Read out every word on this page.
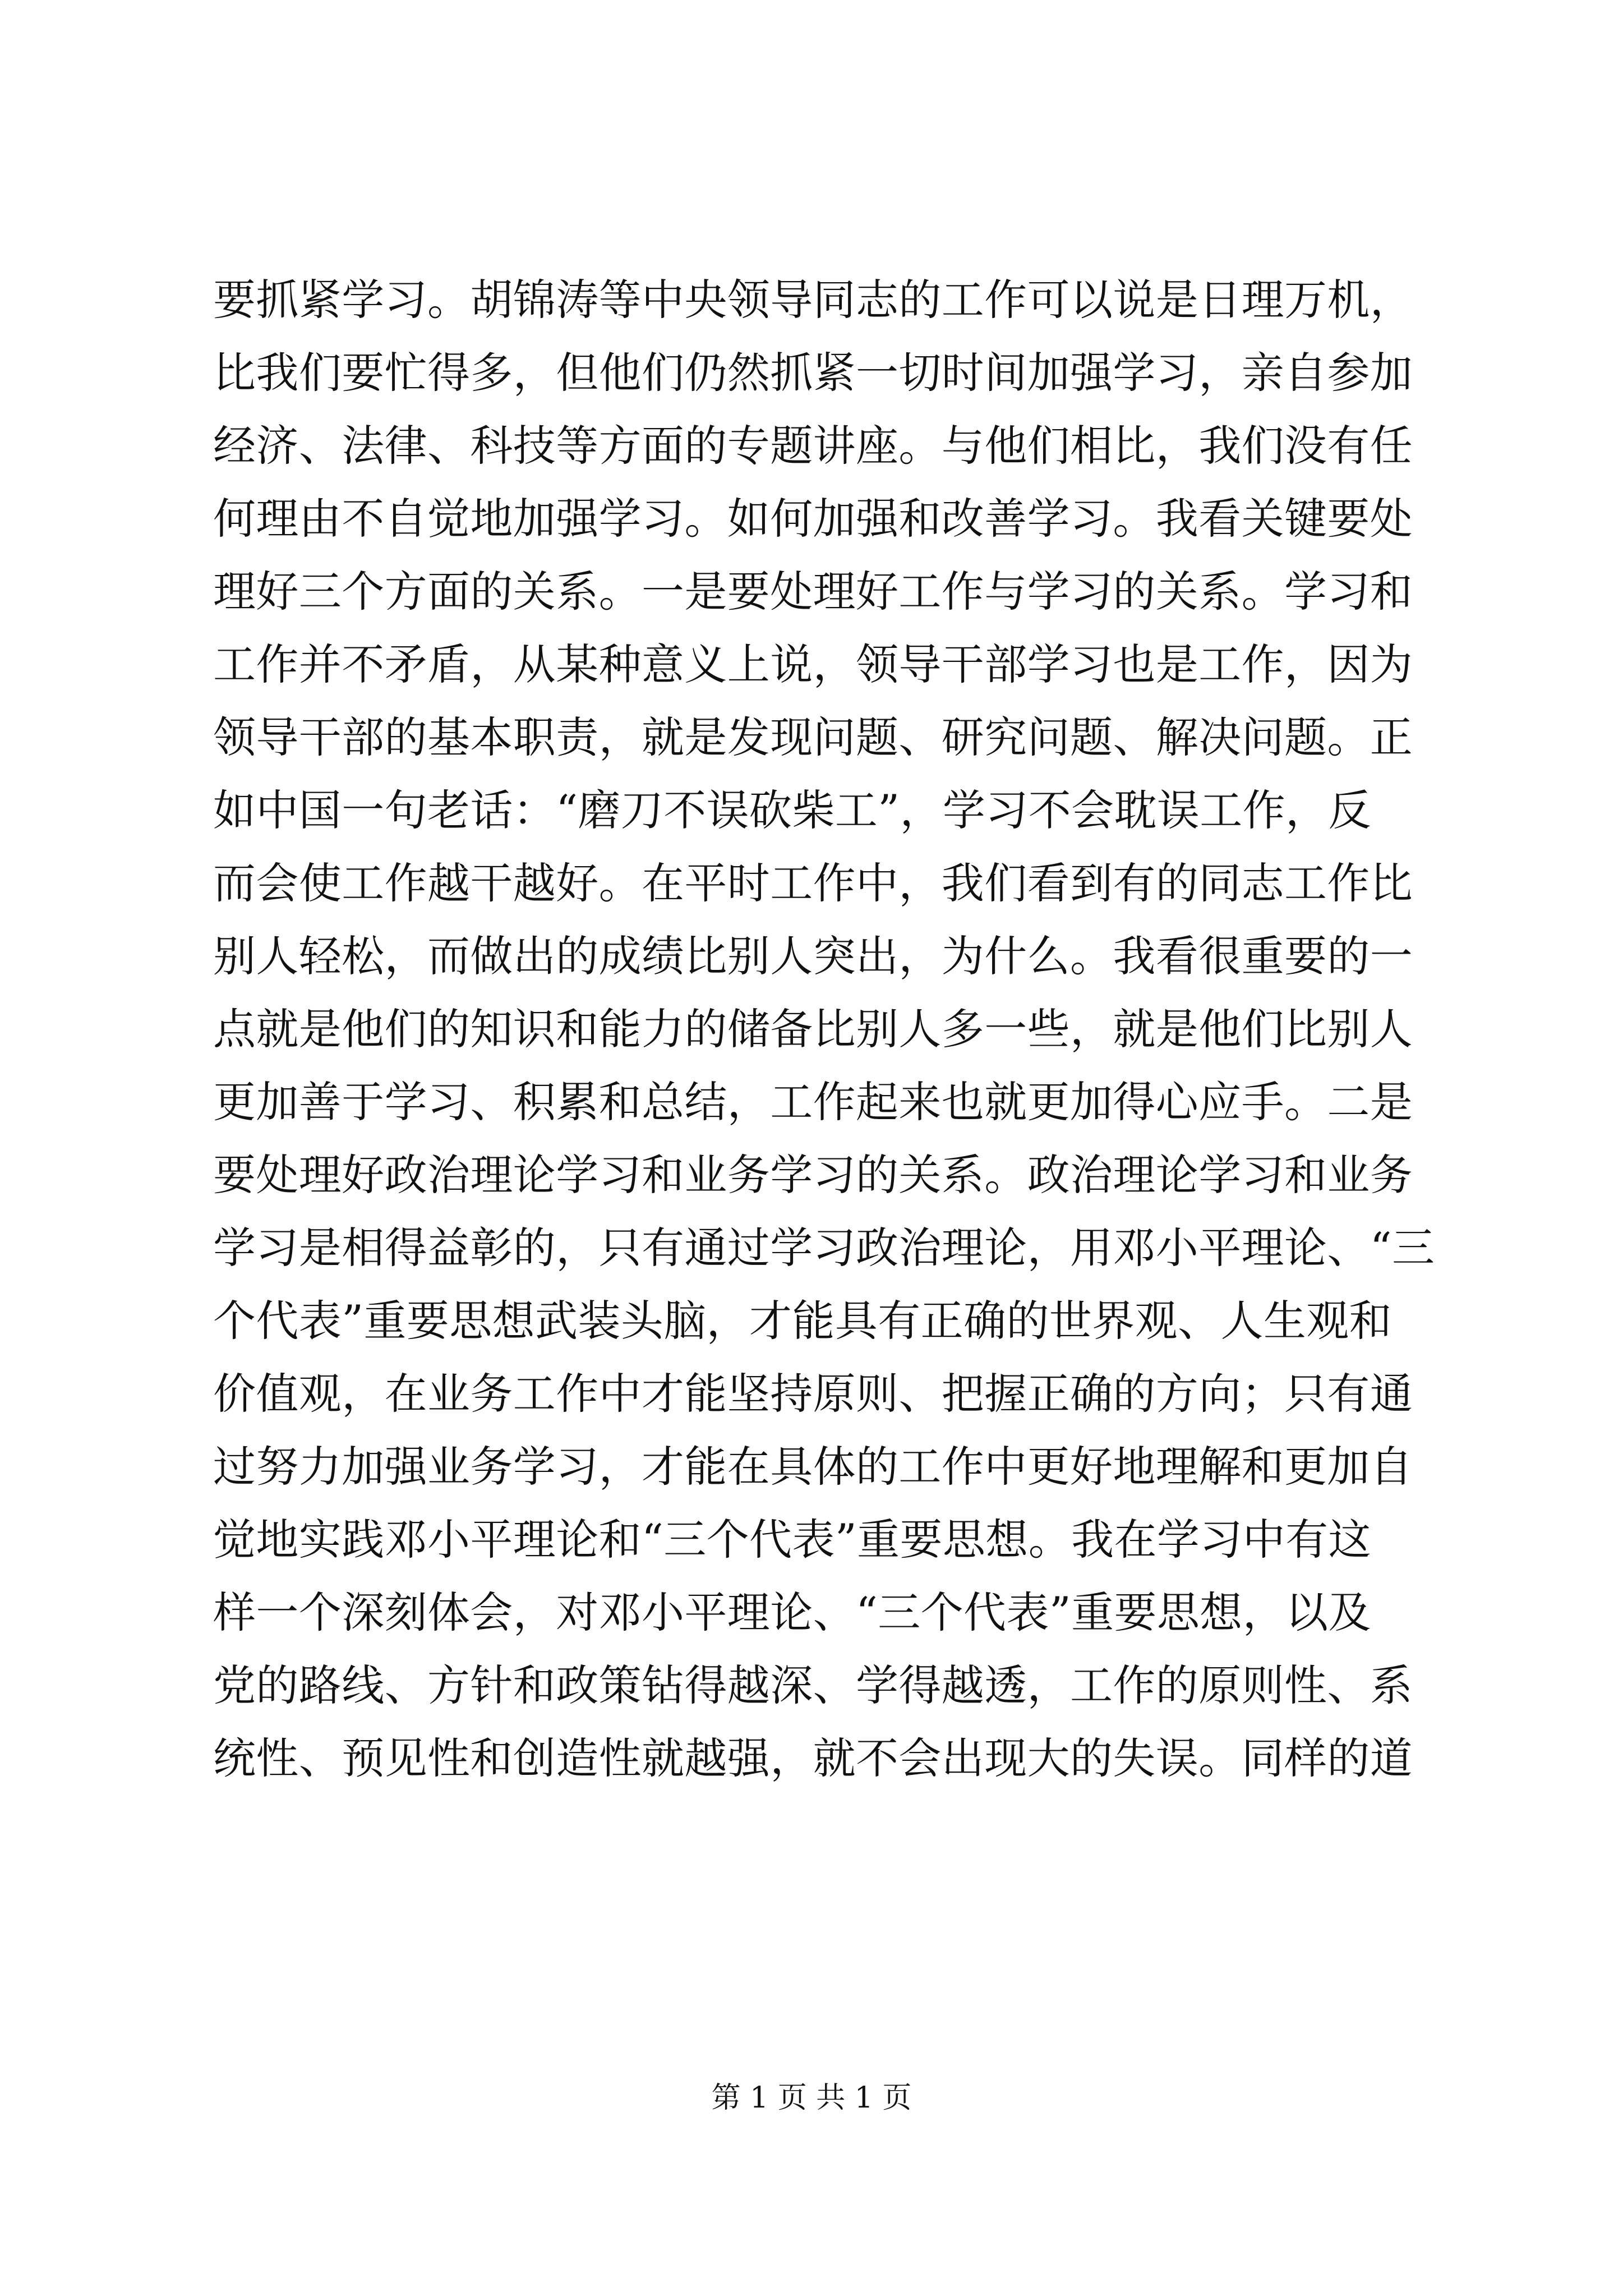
要抓紧学习。胡锦涛等中央领导同志的工作可以说是日理万机，
比我们要忙得多，但他们仍然抓紧一切时间加强学习，亲自参加
经济、法律、科技等方面的专题讲座。与他们相比，我们没有任
何理由不自觉地加强学习。如何加强和改善学习。我看关键要处
理好三个方面的关系。一是要处理好工作与学习的关系。学习和
工作并不矛盾，从某种意义上说，领导干部学习也是工作，因为
领导干部的基本职责，就是发现问题、研究问题、解决问题。正
如中国一句老话：“磨刀不误砍柴工”，学习不会耽误工作，反
而会使工作越干越好。在平时工作中，我们看到有的同志工作比
别人轻松，而做出的成绩比别人突出，为什么。我看很重要的一
点就是他们的知识和能力的储备比别人多一些，就是他们比别人
更加善于学习、积累和总结，工作起来也就更加得心应手。二是
要处理好政治理论学习和业务学习的关系。政治理论学习和业务
学习是相得益彰的，只有通过学习政治理论，用邓小平理论、“三
个代表”重要思想武装头脑，才能具有正确的世界观、人生观和
价值观，在业务工作中才能坚持原则、把握正确的方向；只有通
过努力加强业务学习，才能在具体的工作中更好地理解和更加自
觉地实践邓小平理论和“三个代表”重要思想。我在学习中有这
样一个深刻体会，对邓小平理论、“三个代表”重要思想，以及
党的路线、方针和政策钻得越深、学得越透，工作的原则性、系
统性、预见性和创造性就越强，就不会出现大的失误。同样的道
第 1 页 共 1 页
